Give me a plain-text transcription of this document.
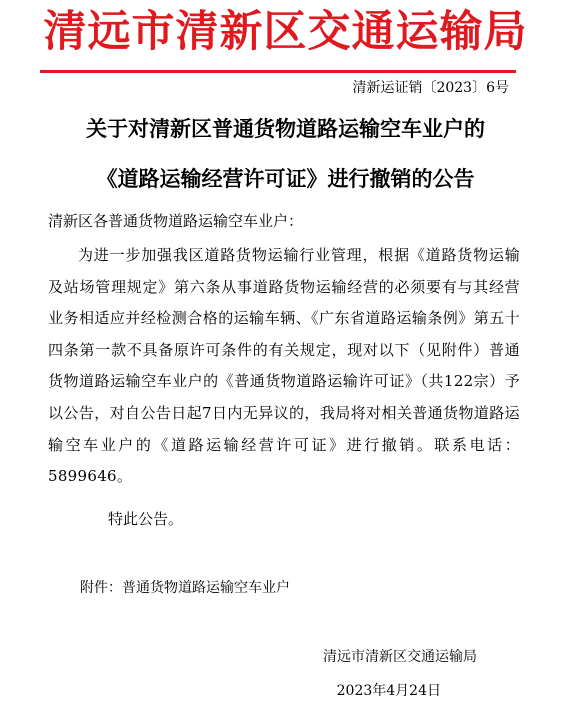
清远市清新区交通运输局
清新运证销〔2023〕6号
关于对清新区普通货物道路运输空车业户的
《道路运输经营许可证》进行撤销的公告
清新区各普通货物道路运输空车业户：
为进一步加强我区道路货物运输行业管理，根据《道路货物运输及站场管理规定》第六条从事道路货物运输经营的必须要有与其经营业务相适应并经检测合格的运输车辆、《广东省道路运输条例》第五十四条第一款不具备原许可条件的有关规定，现对以下（见附件）普通货物道路运输空车业户的《普通货物道路运输许可证》（共122宗）予以公告，对自公告日起7日内无异议的，我局将对相关普通货物道路运输空车业户的《道路运输经营许可证》进行撤销。联系电话：5899646。
特此公告。
附件：普通货物道路运输空车业户
清远市清新区交通运输局
2023年4月24日
